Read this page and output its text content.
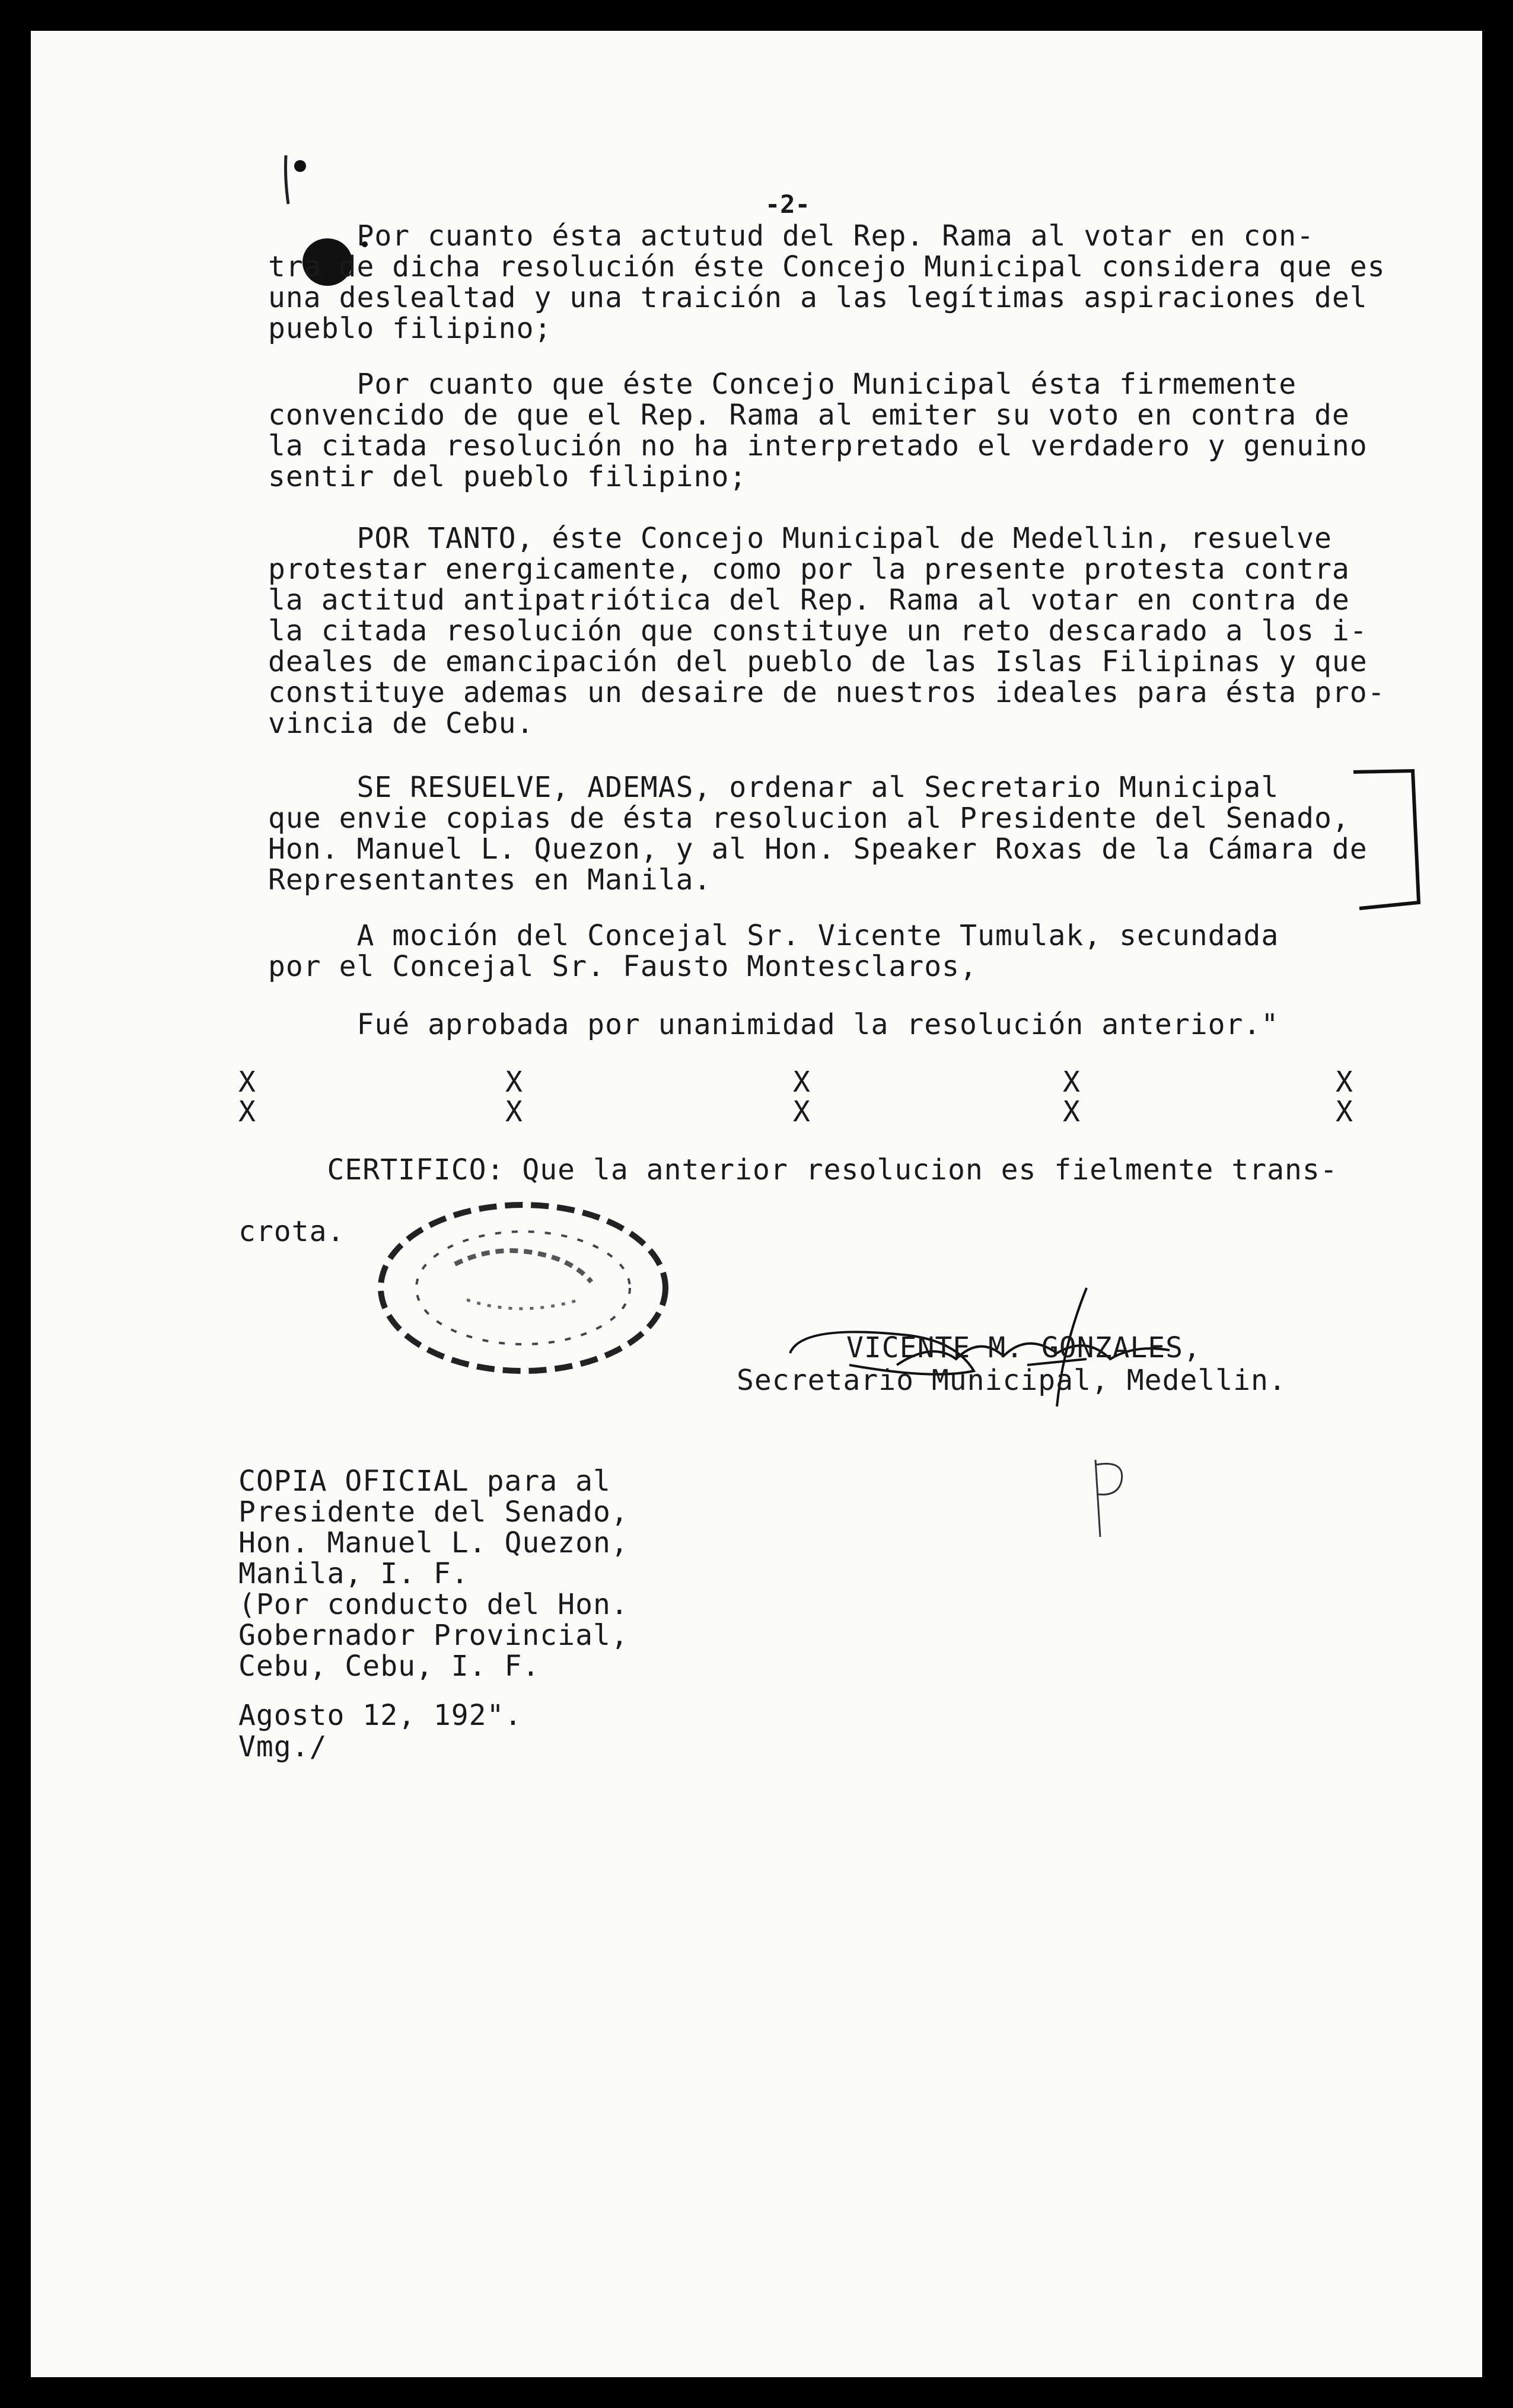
-2-
Por cuanto ésta actutud del Rep. Rama al votar en con-
tra de dicha resolución éste Concejo Municipal considera que es
una deslealtad y una traición a las legítimas aspiraciones del
pueblo filipino;
Por cuanto que éste Concejo Municipal ésta firmemente
convencido de que el Rep. Rama al emiter su voto en contra de
la citada resolución no ha interpretado el verdadero y genuino
sentir del pueblo filipino;
POR TANTO, éste Concejo Municipal de Medellin, resuelve
protestar energicamente, como por la presente protesta contra
la actitud antipatriótica del Rep. Rama al votar en contra de
la citada resolución que constituye un reto descarado a los i-
deales de emancipación del pueblo de las Islas Filipinas y que
constituye ademas un desaire de nuestros ideales para ésta pro-
vincia de Cebu.
SE RESUELVE, ADEMAS, ordenar al Secretario Municipal
que envie copias de ésta resolucion al Presidente del Senado,
Hon. Manuel L. Quezon, y al Hon. Speaker Roxas de la Cámara de
Representantes en Manila.
A moción del Concejal Sr. Vicente Tumulak, secundada
por el Concejal Sr. Fausto Montesclaros,
Fué aprobada por unanimidad la resolución anterior."
X	X	X	X	X
X	X	X	X	X
CERTIFICO: Que la anterior resolucion es fielmente trans-

crota.
VICENTE M. GONZALES,
Secretario Municipal, Medellin.
COPIA OFICIAL para al
Presidente del Senado,
Hon. Manuel L. Quezon,
Manila, I. F.
(Por conducto del Hon.
Gobernador Provincial,
Cebu, Cebu, I. F.
Agosto 12, 192".
Vmg./
